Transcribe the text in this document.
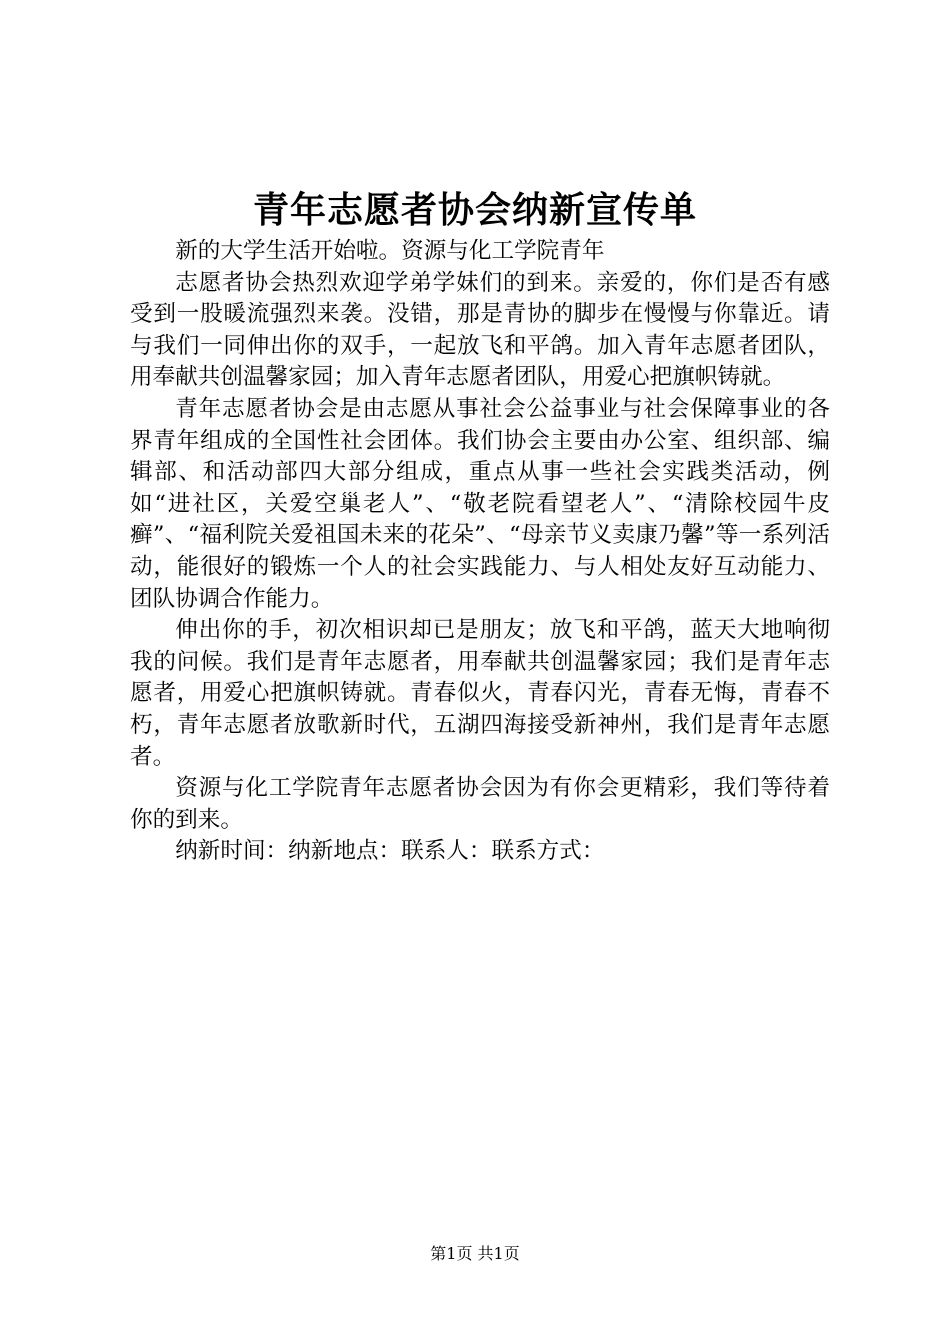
青年志愿者协会纳新宣传单

新的大学生活开始啦。资源与化工学院青年

志愿者协会热烈欢迎学弟学妹们的到来。亲爱的，你们是否有感受到一股暖流强烈来袭。没错，那是青协的脚步在慢慢与你靠近。请与我们一同伸出你的双手，一起放飞和平鸽。加入青年志愿者团队，用奉献共创温馨家园；加入青年志愿者团队，用爱心把旗帜铸就。

青年志愿者协会是由志愿从事社会公益事业与社会保障事业的各界青年组成的全国性社会团体。我们协会主要由办公室、组织部、编辑部、和活动部四大部分组成，重点从事一些社会实践类活动，例如“进社区，关爱空巢老人”、“敬老院看望老人”、“清除校园牛皮癣”、“福利院关爱祖国未来的花朵”、“母亲节义卖康乃馨”等一系列活动，能很好的锻炼一个人的社会实践能力、与人相处友好互动能力、团队协调合作能力。

伸出你的手，初次相识却已是朋友；放飞和平鸽，蓝天大地响彻我的问候。我们是青年志愿者，用奉献共创温馨家园；我们是青年志愿者，用爱心把旗帜铸就。青春似火，青春闪光，青春无悔，青春不朽，青年志愿者放歌新时代，五湖四海接受新神州，我们是青年志愿者。

资源与化工学院青年志愿者协会因为有你会更精彩，我们等待着你的到来。

纳新时间：纳新地点：联系人：联系方式：

第1页 共1页
